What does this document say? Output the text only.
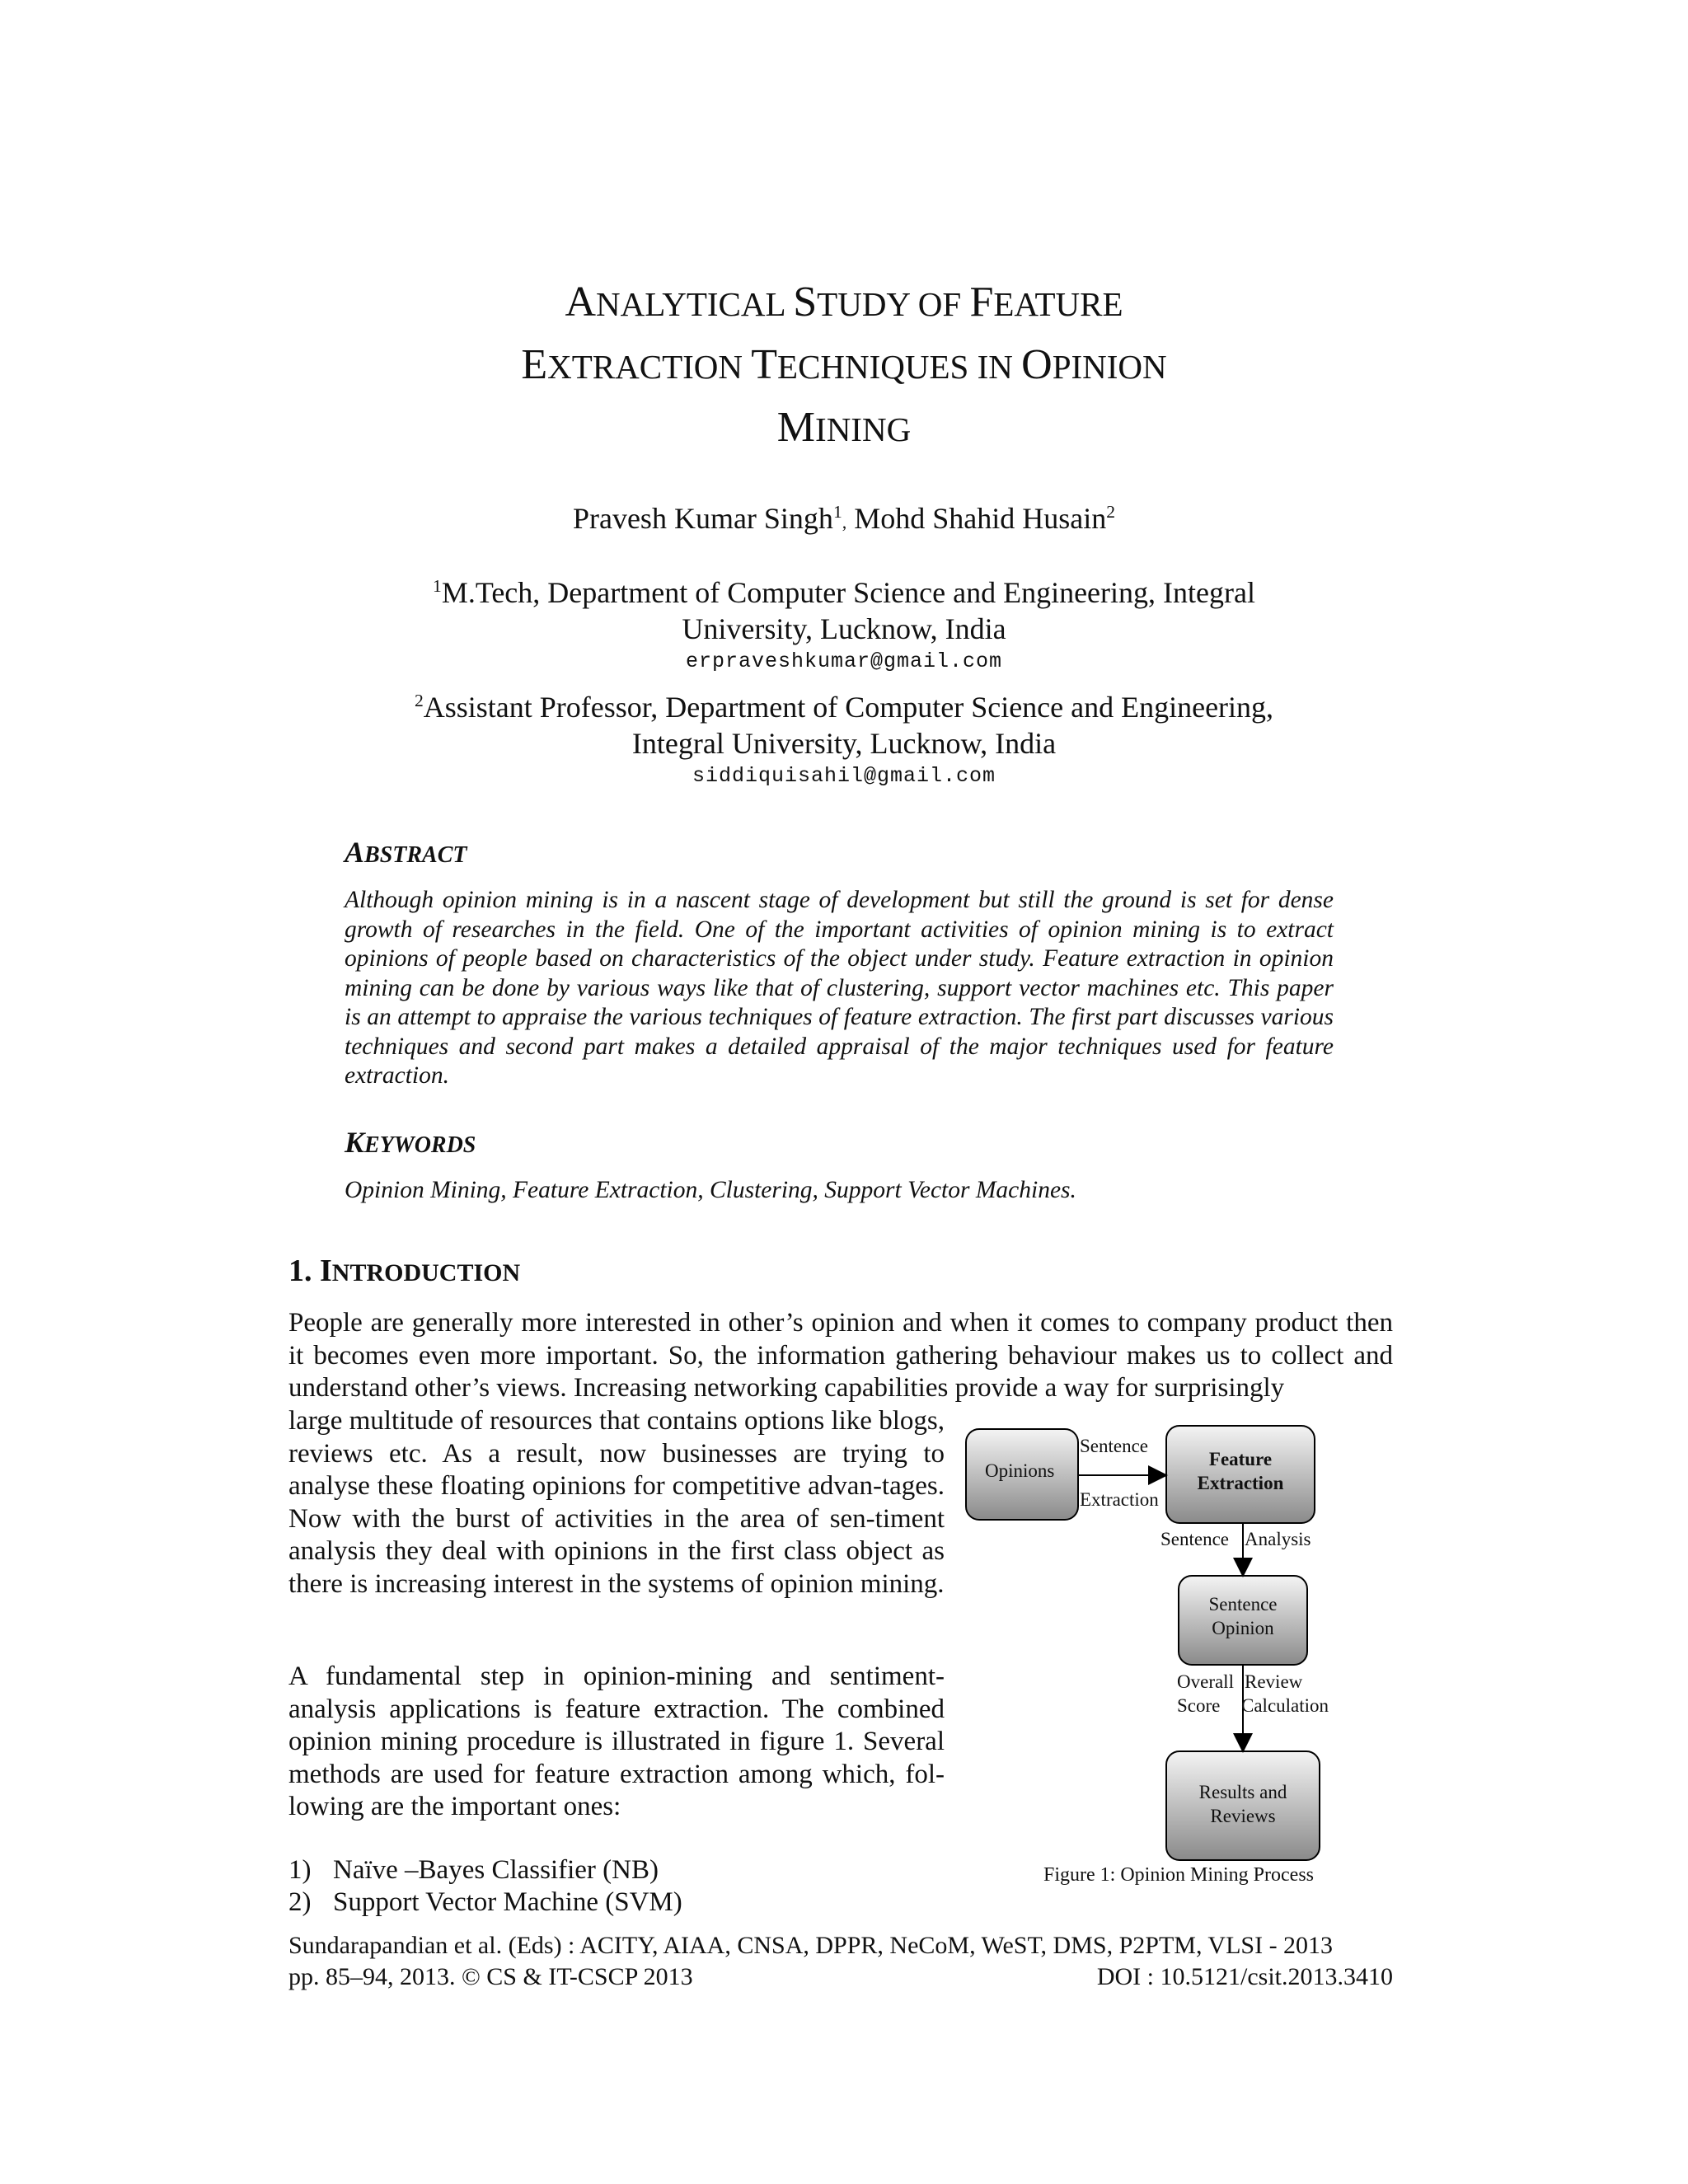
ANALYTICAL STUDY OF FEATURE
EXTRACTION TECHNIQUES IN OPINION
MINING
Pravesh Kumar Singh$^1$, Mohd Shahid Husain$^2$
$^1$M.Tech, Department of Computer Science and Engineering, Integral
University, Lucknow, India
erpraveshkumar@gmail.com
$^2$Assistant Professor, Department of Computer Science and Engineering,
Integral University, Lucknow, India
siddiquisahil@gmail.com
ABSTRACT
Although opinion mining is in a nascent stage of development but still the ground is set for dense growth of researches in the field. One of the important activities of opinion mining is to extract opinions of people based on characteristics of the object under study. Feature extraction in opinion mining can be done by various ways like that of clustering, support vector machines etc. This paper is an attempt to appraise the various techniques of feature extraction. The first part discusses various techniques and second part makes a detailed appraisal of the major techniques used for feature extraction.
KEYWORDS
Opinion Mining, Feature Extraction, Clustering, Support Vector Machines.
1. INTRODUCTION
People are generally more interested in other’s opinion and when it comes to company product then it becomes even more important. So, the information gathering behaviour makes us to collect and understand other’s views. Increasing networking capabilities provide a way for surprisingly
large multitude of resources that contains options like blogs, reviews etc. As a result, now businesses are trying to analyse these floating opinions for competitive advan-tages. Now with the burst of activities in the area of sen-timent analysis they deal with opinions in the first class object as there is increasing interest in the systems of opinion mining.
A fundamental step in opinion-mining and sentiment-analysis applications is feature extraction. The combined opinion mining procedure is illustrated in figure 1. Several methods are used for feature extraction among which, fol-lowing are the important ones:
1) Naïve –Bayes Classifier (NB)
2) Support Vector Machine (SVM)
Opinions
Feature
Extraction
Sentence
Opinion
Results and
Reviews
Sentence
Extraction
Sentence Analysis
Overall
Score
Review
Calculation
Figure 1: Opinion Mining Process
Sundarapandian et al. (Eds) : ACITY, AIAA, CNSA, DPPR, NeCoM, WeST, DMS, P2PTM, VLSI - 2013
pp. 85–94, 2013. © CS & IT-CSCP 2013	DOI : 10.5121/csit.2013.3410
